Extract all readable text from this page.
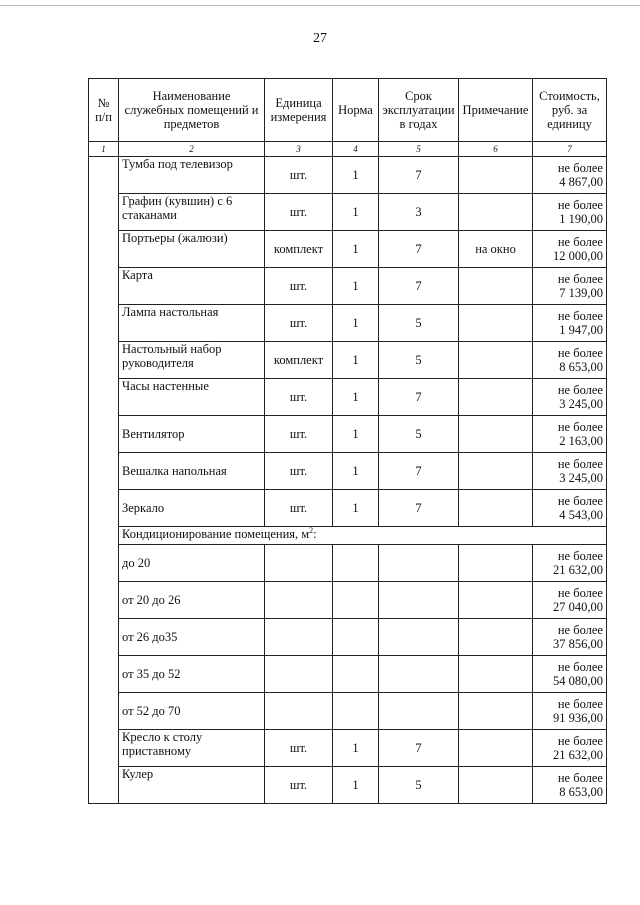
27
№ п/п	Наименование служебных помещений и предметов	Единица измерения	Норма	Срок эксплуатации в годах	Примечание	Стоимость, руб. за единицу
1	2	3	4	5	6	7
	Тумба под телевизор	шт.	1	7		не более
4 867,00

	Графин (кувшин) с 6 стаканами	шт.	1	3		не более
1 190,00

	Портьеры (жалюзи)	комплект	1	7	на окно	не более
12 000,00

	Карта	шт.	1	7		не более
7 139,00

	Лампа настольная	шт.	1	5		не более
1 947,00

	Настольный набор руководителя	комплект	1	5		не более
8 653,00

	Часы настенные	шт.	1	7		не более
3 245,00

	Вентилятор	шт.	1	5		не более
2 163,00

	Вешалка напольная	шт.	1	7		не более
3 245,00

	Зеркало	шт.	1	7		не более
4 543,00

	Кондиционирование помещения, $м^2$:					
	до 20					не более
21 632,00

	от 20 до 26					не более
27 040,00

	от 26 до35					не более
37 856,00

	от 35 до 52					не более
54 080,00

	от 52 до 70					не более
91 936,00

	Кресло к столу приставному	шт.	1	7		не более
21 632,00

	Кулер	шт.	1	5		не более
8 653,00
